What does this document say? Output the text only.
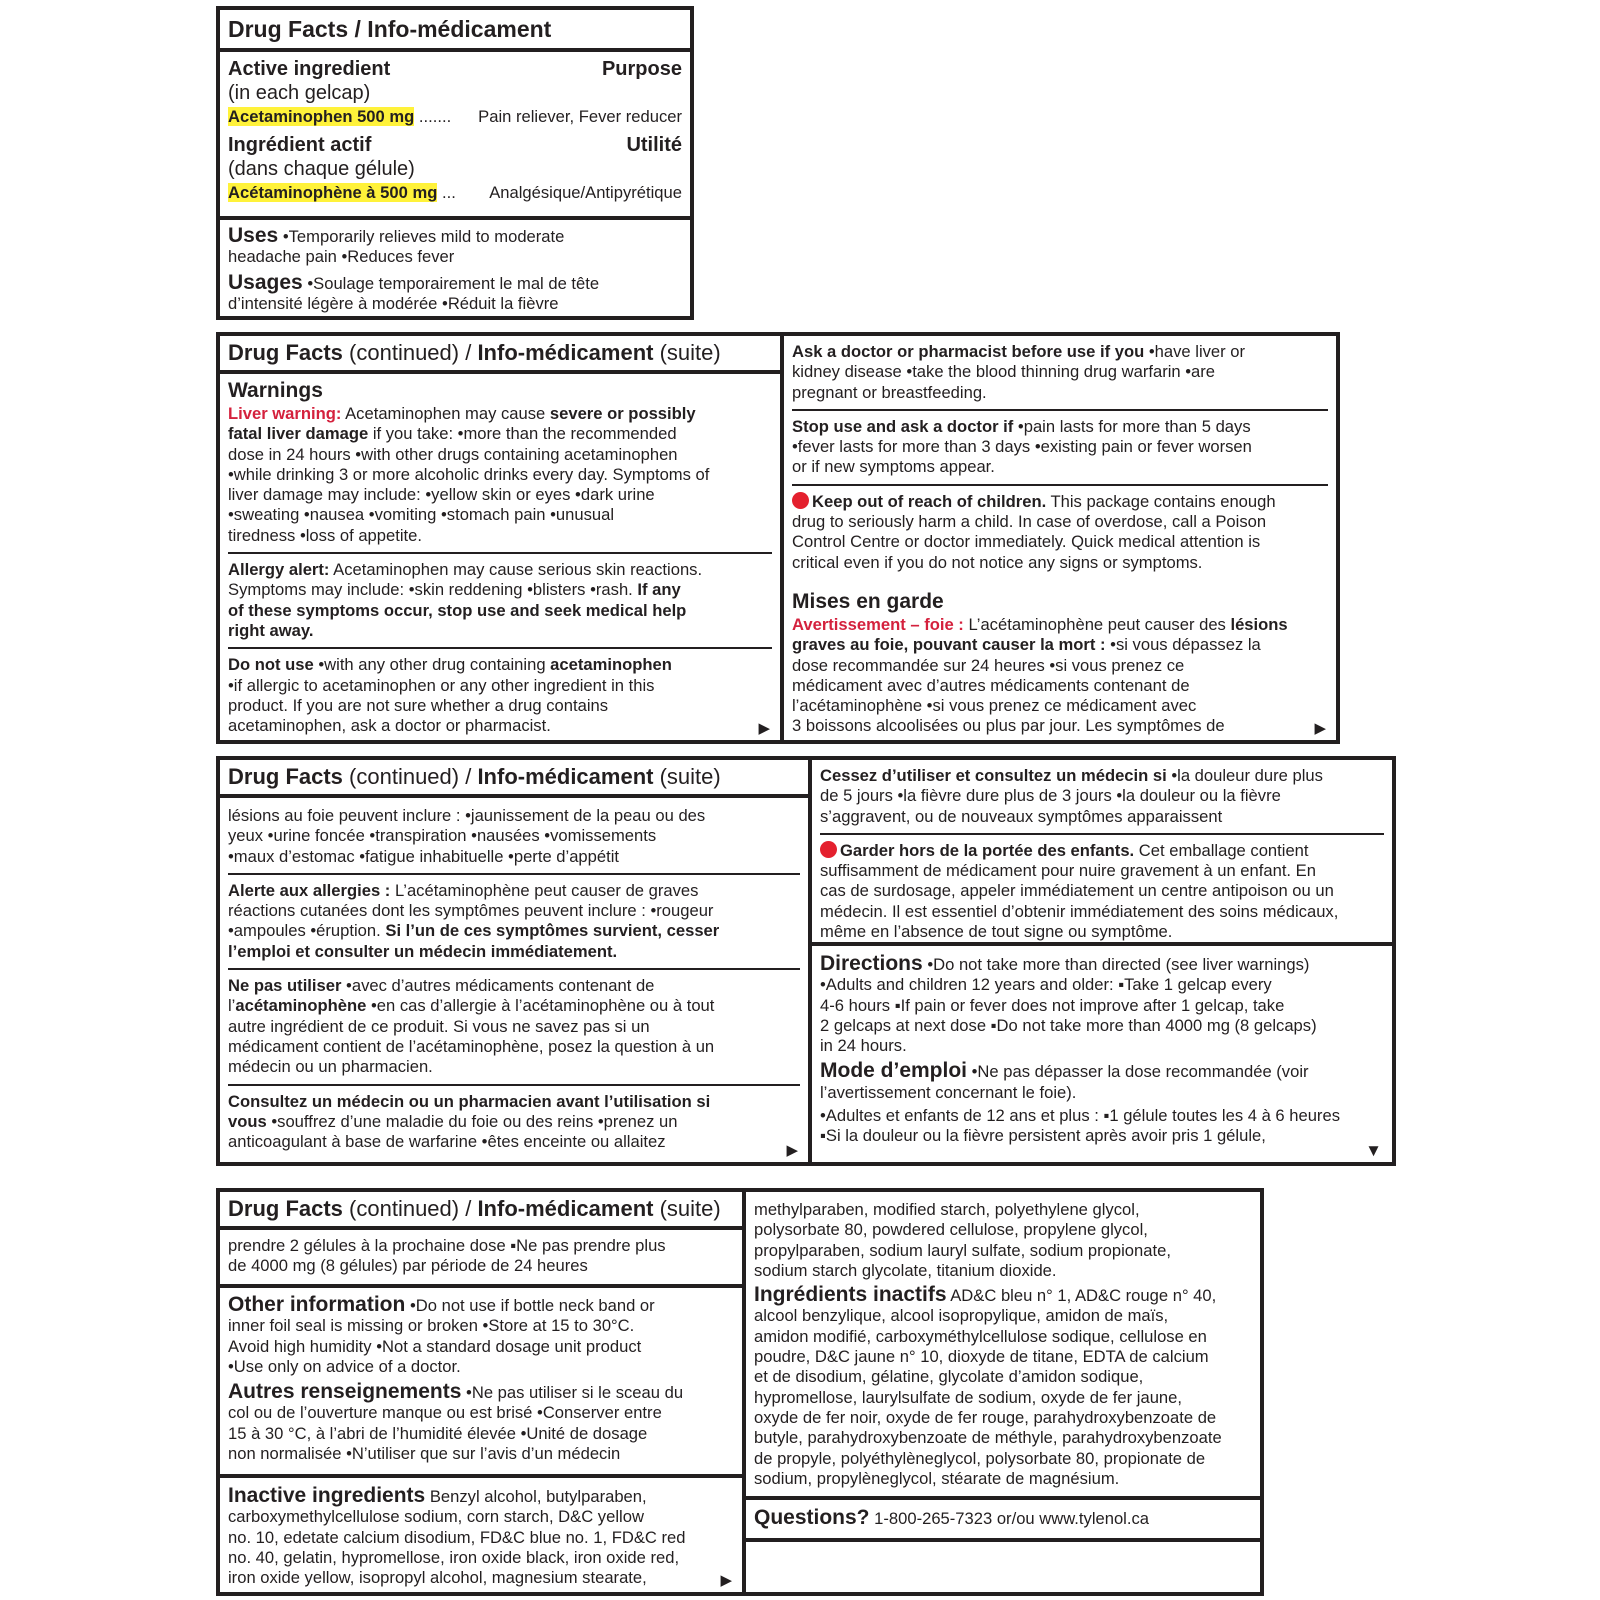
Drug Facts / Info-médicament
Active ingredient	Purpose
(in each gelcap)
Acetaminophen 500 mg ....... Pain reliever, Fever reducer
Ingrédient actif	Utilité
(dans chaque gélule)
Acétaminophène à 500 mg ... Analgésique/Antipyrétique
Uses •Temporarily relieves mild to moderate
headache pain •Reduces fever
Usages •Soulage temporairement le mal de tête
d’intensité légère à modérée •Réduit la fièvre
Drug Facts (continued) / Info-médicament (suite)
Warnings
Liver warning: Acetaminophen may cause severe or possibly
fatal liver damage if you take: •more than the recommended
dose in 24 hours •with other drugs containing acetaminophen
•while drinking 3 or more alcoholic drinks every day. Symptoms of
liver damage may include: •yellow skin or eyes •dark urine
•sweating •nausea •vomiting •stomach pain •unusual
tiredness •loss of appetite.
Allergy alert: Acetaminophen may cause serious skin reactions.
Symptoms may include: •skin reddening •blisters •rash. If any
of these symptoms occur, stop use and seek medical help
right away.
Do not use •with any other drug containing acetaminophen
•if allergic to acetaminophen or any other ingredient in this
product. If you are not sure whether a drug contains
acetaminophen, ask a doctor or pharmacist.	▶
Ask a doctor or pharmacist before use if you •have liver or
kidney disease •take the blood thinning drug warfarin •are
pregnant or breastfeeding.
Stop use and ask a doctor if •pain lasts for more than 5 days
•fever lasts for more than 3 days •existing pain or fever worsen
or if new symptoms appear.
Keep out of reach of children. This package contains enough
drug to seriously harm a child. In case of overdose, call a Poison
Control Centre or doctor immediately. Quick medical attention is
critical even if you do not notice any signs or symptoms.
Mises en garde
Avertissement – foie : L’acétaminophène peut causer des lésions
graves au foie, pouvant causer la mort : •si vous dépassez la
dose recommandée sur 24 heures •si vous prenez ce
médicament avec d’autres médicaments contenant de
l’acétaminophène •si vous prenez ce médicament avec
3 boissons alcoolisées ou plus par jour. Les symptômes de	▶
Drug Facts (continued) / Info-médicament (suite)
lésions au foie peuvent inclure : •jaunissement de la peau ou des
yeux •urine foncée •transpiration •nausées •vomissements
•maux d’estomac •fatigue inhabituelle •perte d’appétit
Alerte aux allergies : L’acétaminophène peut causer de graves
réactions cutanées dont les symptômes peuvent inclure : •rougeur
•ampoules •éruption. Si l’un de ces symptômes survient, cesser
l’emploi et consulter un médecin immédiatement.
Ne pas utiliser •avec d’autres médicaments contenant de
l’acétaminophène •en cas d’allergie à l’acétaminophène ou à tout
autre ingrédient de ce produit. Si vous ne savez pas si un
médicament contient de l’acétaminophène, posez la question à un
médecin ou un pharmacien.
Consultez un médecin ou un pharmacien avant l’utilisation si
vous •souffrez d’une maladie du foie ou des reins •prenez un
anticoagulant à base de warfarine •êtes enceinte ou allaitez	▶
Cessez d’utiliser et consultez un médecin si •la douleur dure plus
de 5 jours •la fièvre dure plus de 3 jours •la douleur ou la fièvre
s’aggravent, ou de nouveaux symptômes apparaissent
Garder hors de la portée des enfants. Cet emballage contient
suffisamment de médicament pour nuire gravement à un enfant. En
cas de surdosage, appeler immédiatement un centre antipoison ou un
médecin. Il est essentiel d’obtenir immédiatement des soins médicaux,
même en l’absence de tout signe ou symptôme.
Directions •Do not take more than directed (see liver warnings)
•Adults and children 12 years and older: ▪Take 1 gelcap every
4-6 hours ▪If pain or fever does not improve after 1 gelcap, take
2 gelcaps at next dose ▪Do not take more than 4000 mg (8 gelcaps)
in 24 hours.
Mode d’emploi •Ne pas dépasser la dose recommandée (voir
l’avertissement concernant le foie).
•Adultes et enfants de 12 ans et plus : ▪1 gélule toutes les 4 à 6 heures
▪Si la douleur ou la fièvre persistent après avoir pris 1 gélule,
▼
Drug Facts (continued) / Info-médicament (suite)
prendre 2 gélules à la prochaine dose ▪Ne pas prendre plus
de 4000 mg (8 gélules) par période de 24 heures
Other information •Do not use if bottle neck band or
inner foil seal is missing or broken •Store at 15 to 30°C.
Avoid high humidity •Not a standard dosage unit product
•Use only on advice of a doctor.
Autres renseignements •Ne pas utiliser si le sceau du
col ou de l’ouverture manque ou est brisé •Conserver entre
15 à 30 °C, à l’abri de l’humidité élevée •Unité de dosage
non normalisée •N’utiliser que sur l’avis d’un médecin
Inactive ingredients Benzyl alcohol, butylparaben,
carboxymethylcellulose sodium, corn starch, D&C yellow
no. 10, edetate calcium disodium, FD&C blue no. 1, FD&C red
no. 40, gelatin, hypromellose, iron oxide black, iron oxide red,
iron oxide yellow, isopropyl alcohol, magnesium stearate,	▶
methylparaben, modified starch, polyethylene glycol,
polysorbate 80, powdered cellulose, propylene glycol,
propylparaben, sodium lauryl sulfate, sodium propionate,
sodium starch glycolate, titanium dioxide.
Ingrédients inactifs AD&C bleu n° 1, AD&C rouge n° 40,
alcool benzylique, alcool isopropylique, amidon de maïs,
amidon modifié, carboxyméthylcellulose sodique, cellulose en
poudre, D&C jaune n° 10, dioxyde de titane, EDTA de calcium
et de disodium, gélatine, glycolate d’amidon sodique,
hypromellose, laurylsulfate de sodium, oxyde de fer jaune,
oxyde de fer noir, oxyde de fer rouge, parahydroxybenzoate de
butyle, parahydroxybenzoate de méthyle, parahydroxybenzoate
de propyle, polyéthylèneglycol, polysorbate 80, propionate de
sodium, propylèneglycol, stéarate de magnésium.
Questions? 1-800-265-7323 or/ou www.tylenol.ca
